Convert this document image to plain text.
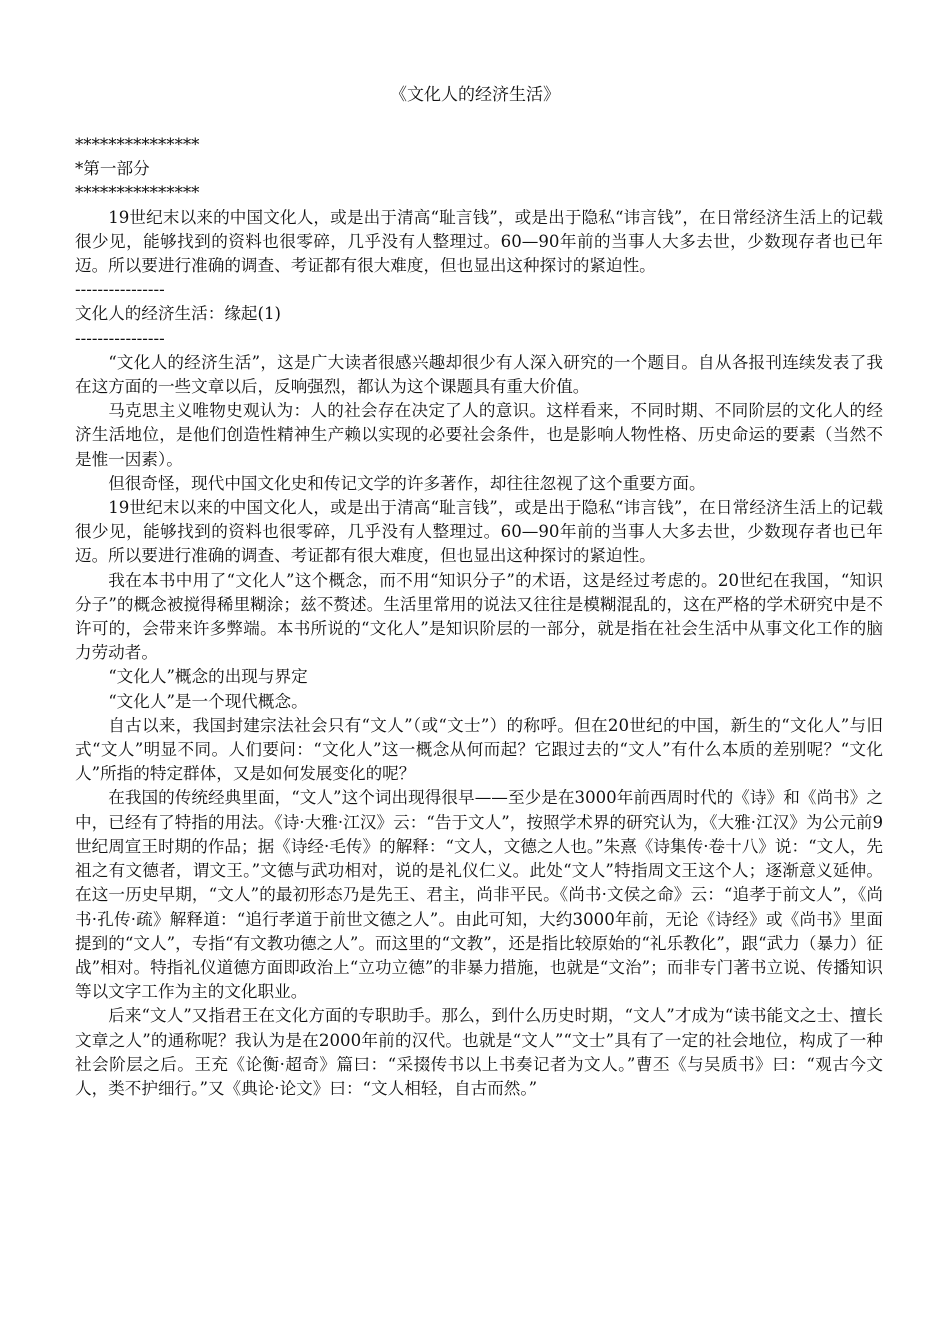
《文化人的经济生活》

***************

*第一部分

***************

19世纪末以来的中国文化人，或是出于清高“耻言钱”，或是出于隐私“讳言钱”，在日常经济生活上的记载很少见，能够找到的资料也很零碎，几乎没有人整理过。60—90年前的当事人大多去世，少数现存者也已年迈。所以要进行准确的调查、考证都有很大难度，但也显出这种探讨的紧迫性。

----------------

文化人的经济生活：缘起(1)

----------------

“文化人的经济生活”，这是广大读者很感兴趣却很少有人深入研究的一个题目。自从各报刊连续发表了我在这方面的一些文章以后，反响强烈，都认为这个课题具有重大价值。

马克思主义唯物史观认为：人的社会存在决定了人的意识。这样看来，不同时期、不同阶层的文化人的经济生活地位，是他们创造性精神生产赖以实现的必要社会条件，也是影响人物性格、历史命运的要素（当然不是惟一因素）。

但很奇怪，现代中国文化史和传记文学的许多著作，却往往忽视了这个重要方面。

19世纪末以来的中国文化人，或是出于清高“耻言钱”，或是出于隐私“讳言钱”，在日常经济生活上的记载很少见，能够找到的资料也很零碎，几乎没有人整理过。60—90年前的当事人大多去世，少数现存者也已年迈。所以要进行准确的调查、考证都有很大难度，但也显出这种探讨的紧迫性。

我在本书中用了“文化人”这个概念，而不用“知识分子”的术语，这是经过考虑的。20世纪在我国，“知识分子”的概念被搅得稀里糊涂；兹不赘述。生活里常用的说法又往往是模糊混乱的，这在严格的学术研究中是不许可的，会带来许多弊端。本书所说的“文化人”是知识阶层的一部分，就是指在社会生活中从事文化工作的脑力劳动者。

“文化人”概念的出现与界定

“文化人”是一个现代概念。

自古以来，我国封建宗法社会只有“文人”（或“文士”）的称呼。但在20世纪的中国，新生的“文化人”与旧式“文人”明显不同。人们要问：“文化人”这一概念从何而起？它跟过去的“文人”有什么本质的差别呢？“文化人”所指的特定群体，又是如何发展变化的呢？

在我国的传统经典里面，“文人”这个词出现得很早——至少是在3000年前西周时代的《诗》和《尚书》之中，已经有了特指的用法。《诗·大雅·江汉》云：“告于文人”，按照学术界的研究认为，《大雅·江汉》为公元前9世纪周宣王时期的作品；据《诗经·毛传》的解释：“文人，文德之人也。”朱熹《诗集传·卷十八》说：“文人，先祖之有文德者，谓文王。”文德与武功相对，说的是礼仪仁义。此处“文人”特指周文王这个人；逐渐意义延伸。在这一历史早期，“文人”的最初形态乃是先王、君主，尚非平民。《尚书·文侯之命》云：“追孝于前文人”，《尚书·孔传·疏》解释道：“追行孝道于前世文德之人”。由此可知，大约3000年前，无论《诗经》或《尚书》里面提到的“文人”，专指“有文教功德之人”。而这里的“文教”，还是指比较原始的“礼乐教化”，跟“武力（暴力）征战”相对。特指礼仪道德方面即政治上“立功立德”的非暴力措施，也就是“文治”；而非专门著书立说、传播知识等以文字工作为主的文化职业。

后来“文人”又指君王在文化方面的专职助手。那么，到什么历史时期，“文人”才成为“读书能文之士、擅长文章之人”的通称呢？我认为是在2000年前的汉代。也就是“文人”“文士”具有了一定的社会地位，构成了一种社会阶层之后。王充《论衡·超奇》篇曰：“采掇传书以上书奏记者为文人。”曹丕《与吴质书》曰：“观古今文人，类不护细行。”又《典论·论文》曰：“文人相轻，自古而然。”
